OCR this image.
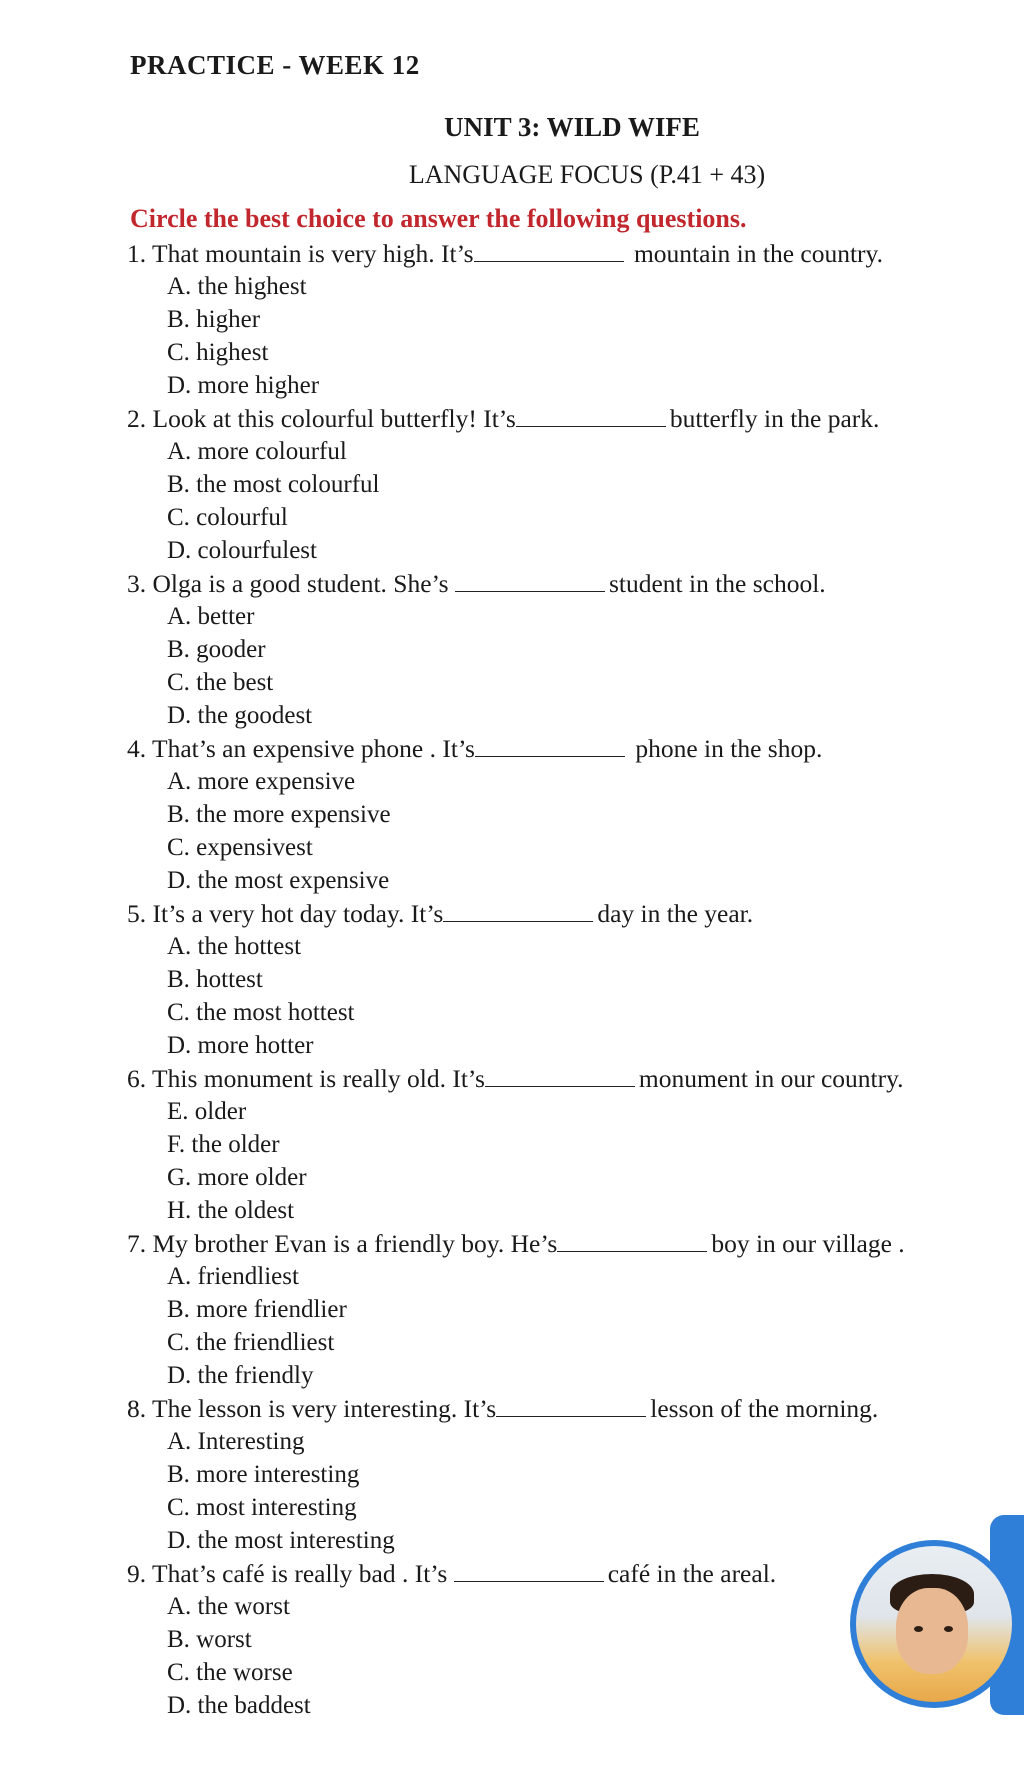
PRACTICE - WEEK 12
UNIT 3: WILD WIFE
LANGUAGE FOCUS (P.41 + 43)
Circle the best choice to answer the following questions.
1. That mountain is very high. It’s	mountain in the country.
A. the highest
B. higher
C. highest
D. more higher
2. Look at this colourful butterfly! It’s	butterfly in the park.
A. more colourful
B. the most colourful
C. colourful
D. colourfulest
3. Olga is a good student. She’s	student in the school.
A. better
B. gooder
C. the best
D. the goodest
4. That’s an expensive phone . It’s	phone in the shop.
A. more expensive
B. the more expensive
C. expensivest
D. the most expensive
5. It’s a very hot day today. It’s	day in the year.
A. the hottest
B. hottest
C. the most hottest
D. more hotter
6. This monument is really old. It’s	monument in our country.
E. older
F. the older
G. more older
H. the oldest
7. My brother Evan is a friendly boy. He’s	boy in our village .
A. friendliest
B. more friendlier
C. the friendliest
D. the friendly
8. The lesson is very interesting. It’s	lesson of the morning.
A. Interesting
B. more interesting
C. most interesting
D. the most interesting
9. That’s café is really bad . It’s	café in the areal.
A. the worst
B. worst
C. the worse
D. the baddest
